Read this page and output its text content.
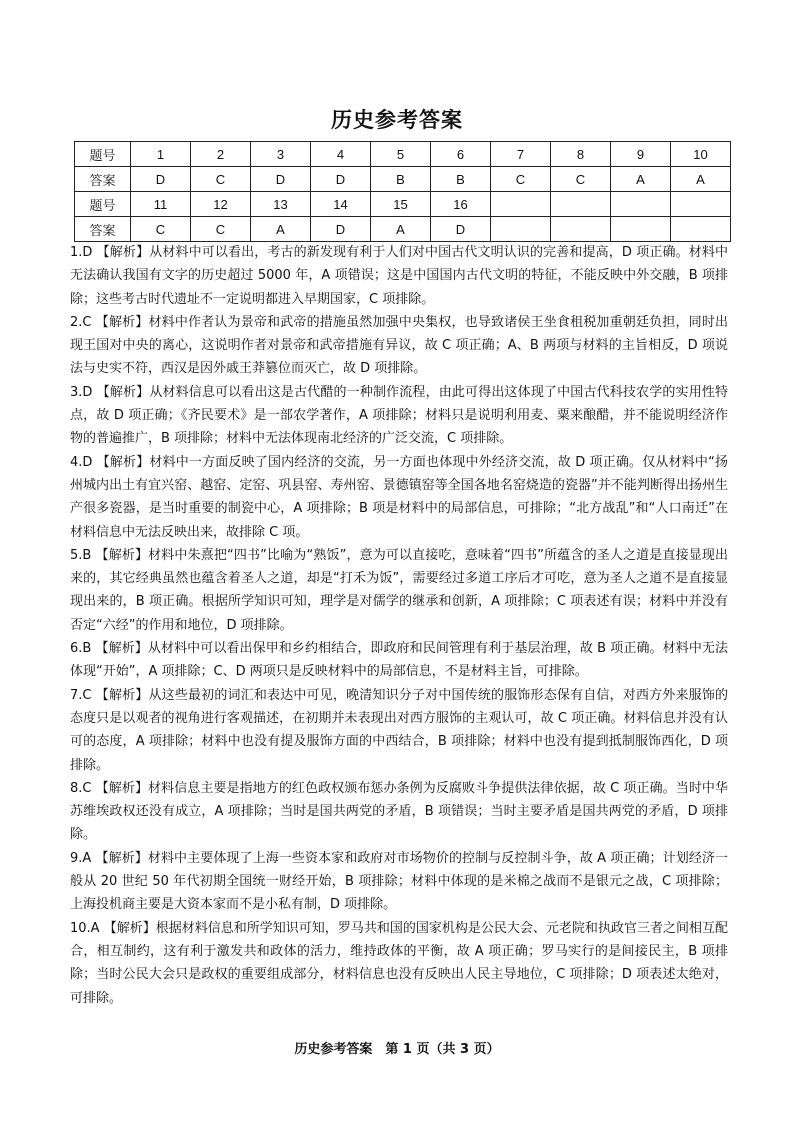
历史参考答案
题号	1	2	3	4	5	6	7	8	9	10
答案	D	C	D	D	B	B	C	C	A	A
题号	11	12	13	14	15	16				
答案	C	C	A	D	A	D				

1.D 【解析】从材料中可以看出，考古的新发现有利于人们对中国古代文明认识的完善和提高，D 项正确。材料中无法确认我国有文字的历史超过 5000 年，A 项错误；这是中国国内古代文明的特征，不能反映中外交融，B 项排除；这些考古时代遗址不一定说明都进入早期国家，C 项排除。

2.C 【解析】材料中作者认为景帝和武帝的措施虽然加强中央集权，也导致诸侯王坐食租税加重朝廷负担，同时出现王国对中央的离心，这说明作者对景帝和武帝措施有异议，故 C 项正确；A、B 两项与材料的主旨相反，D 项说法与史实不符，西汉是因外戚王莽篡位而灭亡，故 D 项排除。

3.D 【解析】从材料信息可以看出这是古代醋的一种制作流程，由此可得出这体现了中国古代科技农学的实用性特点，故 D 项正确；《齐民要术》是一部农学著作，A 项排除；材料只是说明利用麦、粟来酿醋，并不能说明经济作物的普遍推广，B 项排除；材料中无法体现南北经济的广泛交流，C 项排除。

4.D 【解析】材料中一方面反映了国内经济的交流，另一方面也体现中外经济交流，故 D 项正确。仅从材料中“扬州城内出土有宜兴窑、越窑、定窑、巩县窑、寿州窑、景德镇窑等全国各地名窑烧造的瓷器”并不能判断得出扬州生产很多瓷器，是当时重要的制瓷中心，A 项排除；B 项是材料中的局部信息，可排除；“北方战乱”和“人口南迁”在材料信息中无法反映出来，故排除 C 项。

5.B 【解析】材料中朱熹把“四书”比喻为“熟饭”，意为可以直接吃，意味着“四书”所蕴含的圣人之道是直接显现出来的，其它经典虽然也蕴含着圣人之道，却是“打禾为饭”，需要经过多道工序后才可吃，意为圣人之道不是直接显现出来的，B 项正确。根据所学知识可知，理学是对儒学的继承和创新，A 项排除；C 项表述有误；材料中并没有否定“六经”的作用和地位，D 项排除。

6.B 【解析】从材料中可以看出保甲和乡约相结合，即政府和民间管理有利于基层治理，故 B 项正确。材料中无法体现“开始”，A 项排除；C、D 两项只是反映材料中的局部信息，不是材料主旨，可排除。

7.C 【解析】从这些最初的词汇和表达中可见，晚清知识分子对中国传统的服饰形态保有自信，对西方外来服饰的态度只是以观者的视角进行客观描述，在初期并未表现出对西方服饰的主观认可，故 C 项正确。材料信息并没有认可的态度，A 项排除；材料中也没有提及服饰方面的中西结合，B 项排除；材料中也没有提到抵制服饰西化，D 项排除。

8.C 【解析】材料信息主要是指地方的红色政权颁布惩办条例为反腐败斗争提供法律依据，故 C 项正确。当时中华苏维埃政权还没有成立，A 项排除；当时是国共两党的矛盾，B 项错误；当时主要矛盾是国共两党的矛盾，D 项排除。

9.A 【解析】材料中主要体现了上海一些资本家和政府对市场物价的控制与反控制斗争，故 A 项正确；计划经济一般从 20 世纪 50 年代初期全国统一财经开始，B 项排除；材料中体现的是米棉之战而不是银元之战，C 项排除；上海投机商主要是大资本家而不是小私有制，D 项排除。

10.A 【解析】根据材料信息和所学知识可知，罗马共和国的国家机构是公民大会、元老院和执政官三者之间相互配合，相互制约，这有利于激发共和政体的活力，维持政体的平衡，故 A 项正确；罗马实行的是间接民主，B 项排除；当时公民大会只是政权的重要组成部分，材料信息也没有反映出人民主导地位，C 项排除；D 项表述太绝对，可排除。

历史参考答案　第 1 页（共 3 页）
